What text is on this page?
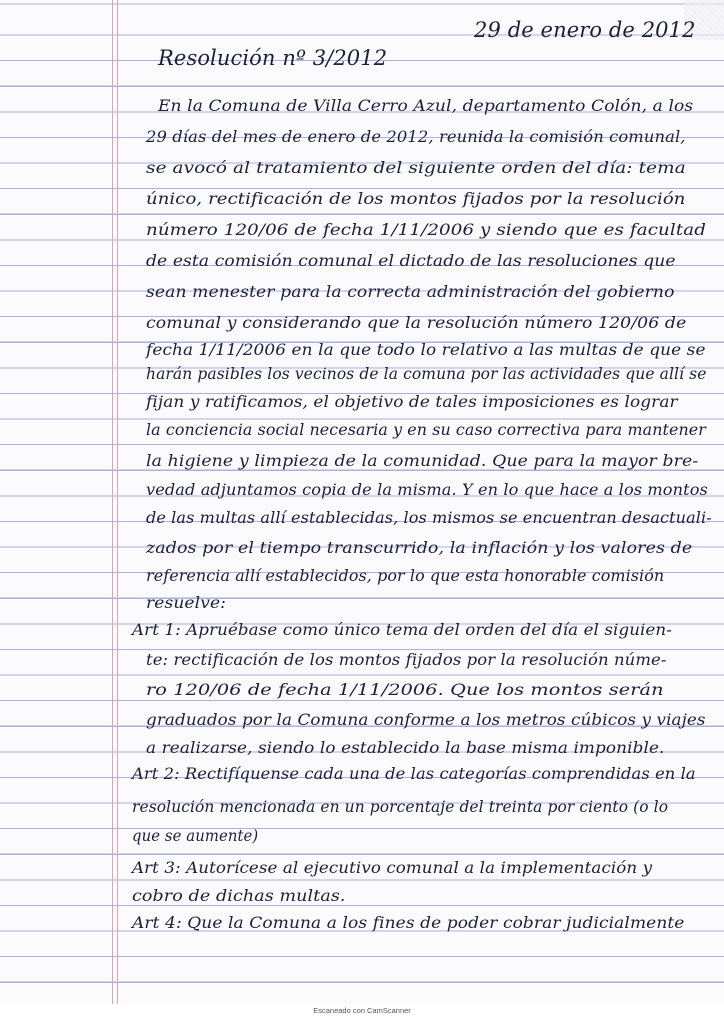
29 de enero de 2012
Resolución nº 3/2012
En la Comuna de Villa Cerro Azul, departamento Colón, a los
29 días del mes de enero de 2012, reunida la comisión comunal,
se avocó al tratamiento del siguiente orden del día: tema
único, rectificación de los montos fijados por la resolución
número 120/06 de fecha 1/11/2006 y siendo que es facultad
de esta comisión comunal el dictado de las resoluciones que
sean menester para la correcta administración del gobierno
comunal y considerando que la resolución número 120/06 de
fecha 1/11/2006 en la que todo lo relativo a las multas de que se
harán pasibles los vecinos de la comuna por las actividades que allí se
fijan y ratificamos, el objetivo de tales imposiciones es lograr
la conciencia social necesaria y en su caso correctiva para mantener
la higiene y limpieza de la comunidad. Que para la mayor bre-
vedad adjuntamos copia de la misma. Y en lo que hace a los montos
de las multas allí establecidas, los mismos se encuentran desactuali-
zados por el tiempo transcurrido, la inflación y los valores de
referencia allí establecidos, por lo que esta honorable comisión
resuelve:
Art 1: Apruébase como único tema del orden del día el siguien-
te: rectificación de los montos fijados por la resolución núme-
ro 120/06 de fecha 1/11/2006. Que los montos serán
graduados por la Comuna conforme a los metros cúbicos y viajes
a realizarse, siendo lo establecido la base misma imponible.
Art 2: Rectifíquense cada una de las categorías comprendidas en la
resolución mencionada en un porcentaje del treinta por ciento (o lo
que se aumente)
Art 3: Autorícese al ejecutivo comunal a la implementación y
cobro de dichas multas.
Art 4: Que la Comuna a los fines de poder cobrar judicialmente
Escaneado con CamScanner
